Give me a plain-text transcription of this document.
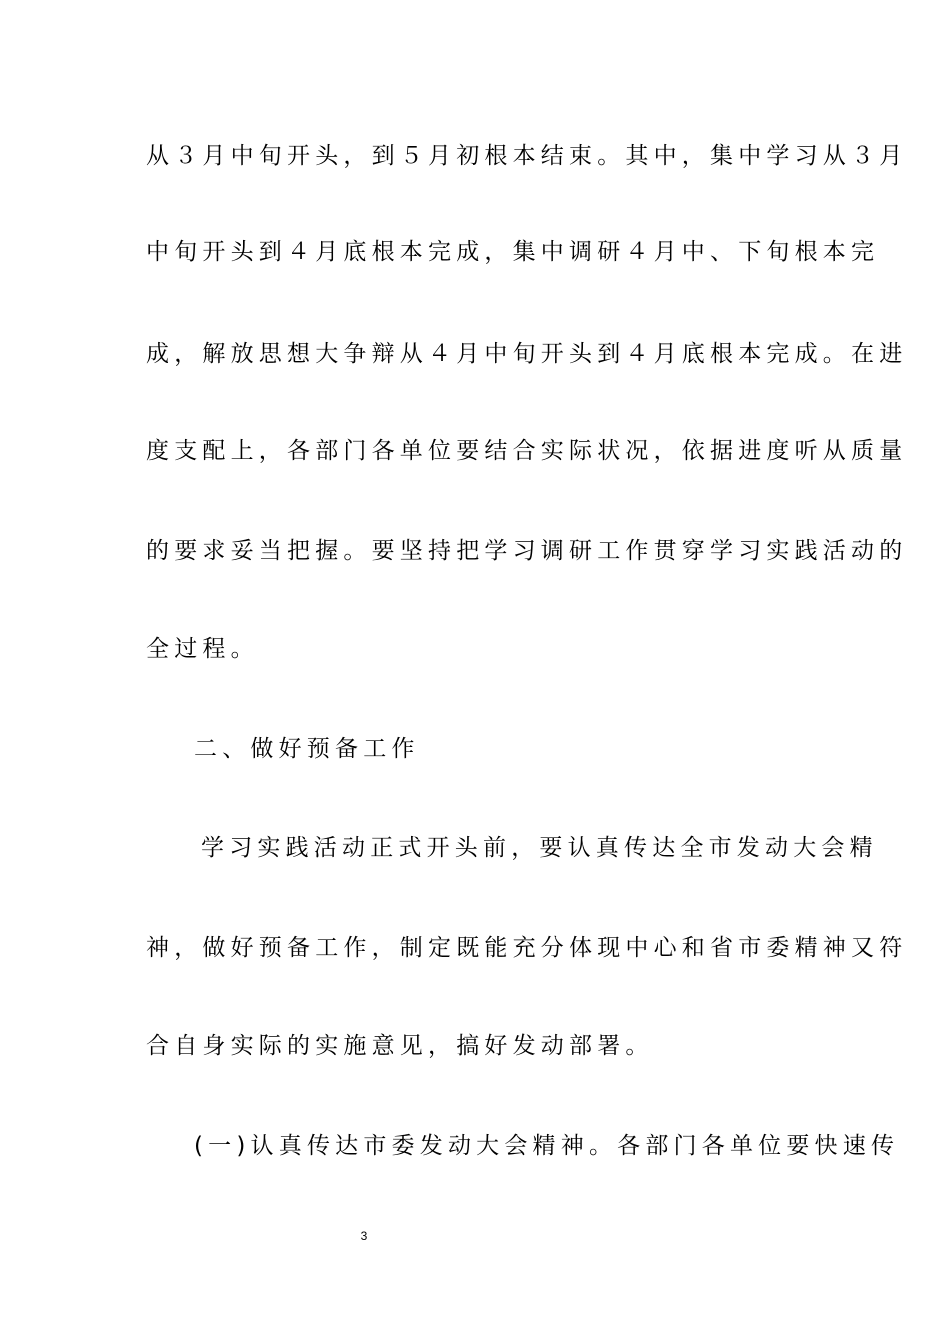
从３月中旬开头，到５月初根本结束。其中，集中学习从３月
中旬开头到４月底根本完成，集中调研４月中、下旬根本完
成，解放思想大争辩从４月中旬开头到４月底根本完成。在进
度支配上，各部门各单位要结合实际状况，依据进度听从质量
的要求妥当把握。要坚持把学习调研工作贯穿学习实践活动的
全过程。
二、做好预备工作
学习实践活动正式开头前，要认真传达全市发动大会精
神，做好预备工作，制定既能充分体现中心和省市委精神又符
合自身实际的实施意见，搞好发动部署。
(一)认真传达市委发动大会精神。各部门各单位要快速传
3
